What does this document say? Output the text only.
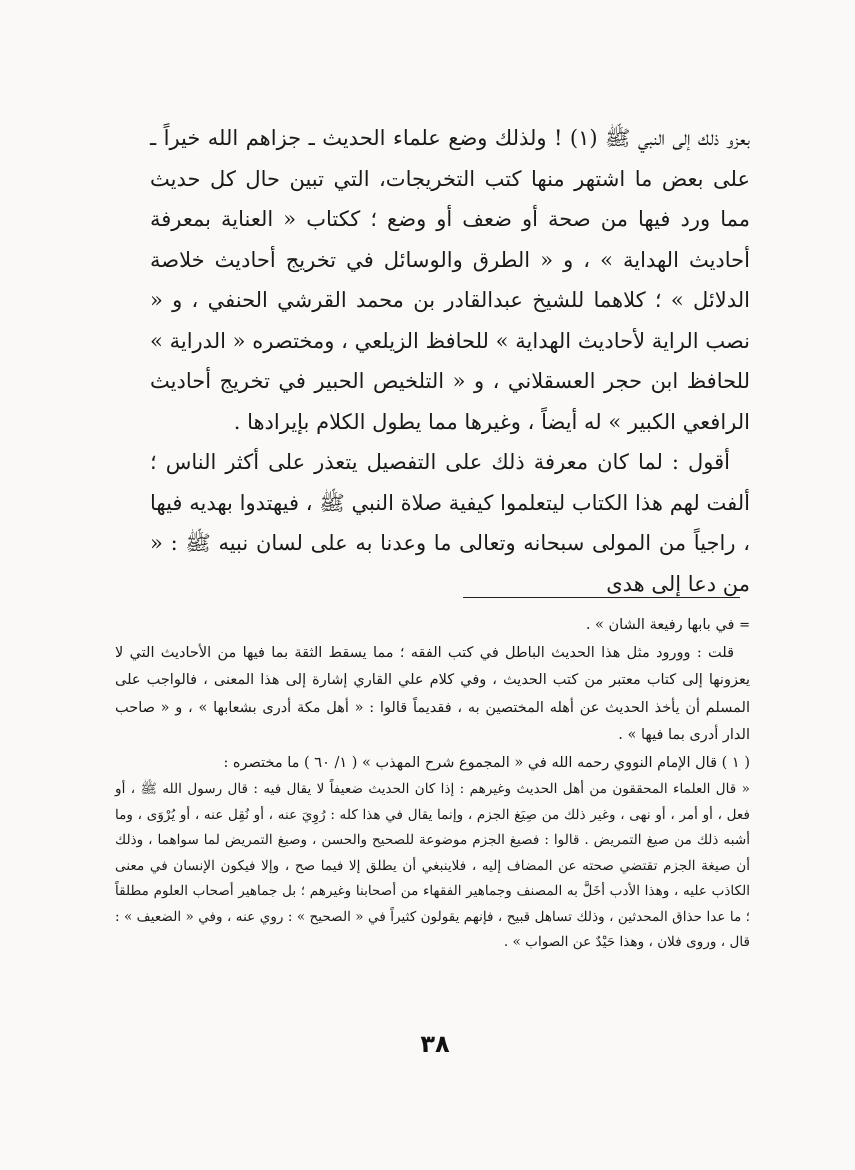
بعزو ذلك إلى النبي ﷺ (١) ! ولذلك وضع علماء الحديث ـ جزاهم الله خيراً ـ على بعض ما اشتهر منها كتب التخريجات، التي تبين حال كل حديث مما ورد فيها من صحة أو ضعف أو وضع ؛ ككتاب « العناية بمعرفة أحاديث الهداية » ، و « الطرق والوسائل في تخريج أحاديث خلاصة الدلائل » ؛ كلاهما للشيخ عبدالقادر بن محمد القرشي الحنفي ، و « نصب الراية لأحاديث الهداية » للحافظ الزيلعي ، ومختصره « الدراية » للحافظ ابن حجر العسقلاني ، و « التلخيص الحبير في تخريج أحاديث الرافعي الكبير » له أيضاً ، وغيرها مما يطول الكلام بإيرادها .

أقول : لما كان معرفة ذلك على التفصيل يتعذر على أكثر الناس ؛ ألفت لهم هذا الكتاب ليتعلموا كيفية صلاة النبي ﷺ ، فيهتدوا بهديه فيها ، راجياً من المولى سبحانه وتعالى ما وعدنا به على لسان نبيه ﷺ : « من دعا إلى هدى

= في بابها رفيعة الشان » .

قلت : وورود مثل هذا الحديث الباطل في كتب الفقه ؛ مما يسقط الثقة بما فيها من الأحاديث التي لا يعزونها إلى كتاب معتبر من كتب الحديث ، وفي كلام علي القاري إشارة إلى هذا المعنى ، فالواجب على المسلم أن يأخذ الحديث عن أهله المختصين به ، فقديماً قالوا : « أهل مكة أدرى بشعابها » ، و « صاحب الدار أدرى بما فيها » .

( ١ ) قال الإمام النووي رحمه الله في « المجموع شرح المهذب » ( ١/ ٦٠ ) ما مختصره :

« قال العلماء المحققون من أهل الحديث وغيرهم : إذا كان الحديث ضعيفاً لا يقال فيه : قال رسول الله ﷺ ، أو فعل ، أو أمر ، أو نهى ، وغير ذلك من صِيَغ الجزم ، وإنما يقال في هذا كله : رُوِيَ عنه ، أو نُقِل عنه ، أو يُرْوَى ، وما أشبه ذلك من صيغ التمريض . قالوا : فصيغ الجزم موضوعة للصحيح والحسن ، وصيغ التمريض لما سواهما ، وذلك أن صيغة الجزم تقتضي صحته عن المضاف إليه ، فلاينبغي أن يطلق إلا فيما صح ، وإلا فيكون الإنسان في معنى الكاذب عليه ، وهذا الأدب أخَلَّ به المصنف وجماهير الفقهاء من أصحابنا وغيرهم ؛ بل جماهير أصحاب العلوم مطلقاً ؛ ما عدا حذاق المحدثين ، وذلك تساهل قبيح ، فإنهم يقولون كثيراً في « الصحيح » : روي عنه ، وفي « الضعيف » : قال ، وروى فلان ، وهذا حَيْدٌ عن الصواب » .

٣٨
